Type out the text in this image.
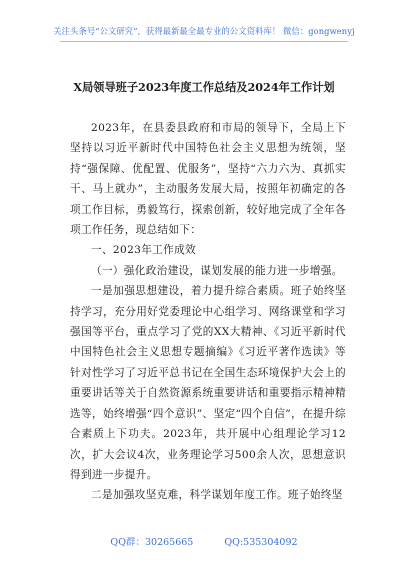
关注头条号“公文研究”，获得最新最全最专业的公文资料库！ 微信：gongwenyj
X局领导班子2023年度工作总结及2024年工作计划

2023年，在县委县政府和市局的领导下，全局上下坚持以习近平新时代中国特色社会主义思想为统领，坚持“强保障、优配置、优服务”，坚持“六力六为、真抓实干、马上就办”，主动服务发展大局，按照年初确定的各项工作目标，勇毅笃行，探索创新，较好地完成了全年各项工作任务，现总结如下：

一、2023年工作成效

（一）强化政治建设，谋划发展的能力进一步增强。

一是加强思想建设，着力提升综合素质。班子始终坚持学习，充分用好党委理论中心组学习、网络课堂和学习强国等平台，重点学习了党的XX大精神、《习近平新时代中国特色社会主义思想专题摘编》《习近平著作选读》等针对性学习了习近平总书记在全国生态环境保护大会上的重要讲话等关于自然资源系统重要讲话和重要指示精神精选等，始终增强“四个意识”、坚定“四个自信”，在提升综合素质上下功夫。2023年，共开展中心组理论学习12次，扩大会议4次，业务理论学习500余人次，思想意识得到进一步提升。

二是加强攻坚克难，科学谋划年度工作。班子始终坚

QQ群：30265665	QQ:535304092
